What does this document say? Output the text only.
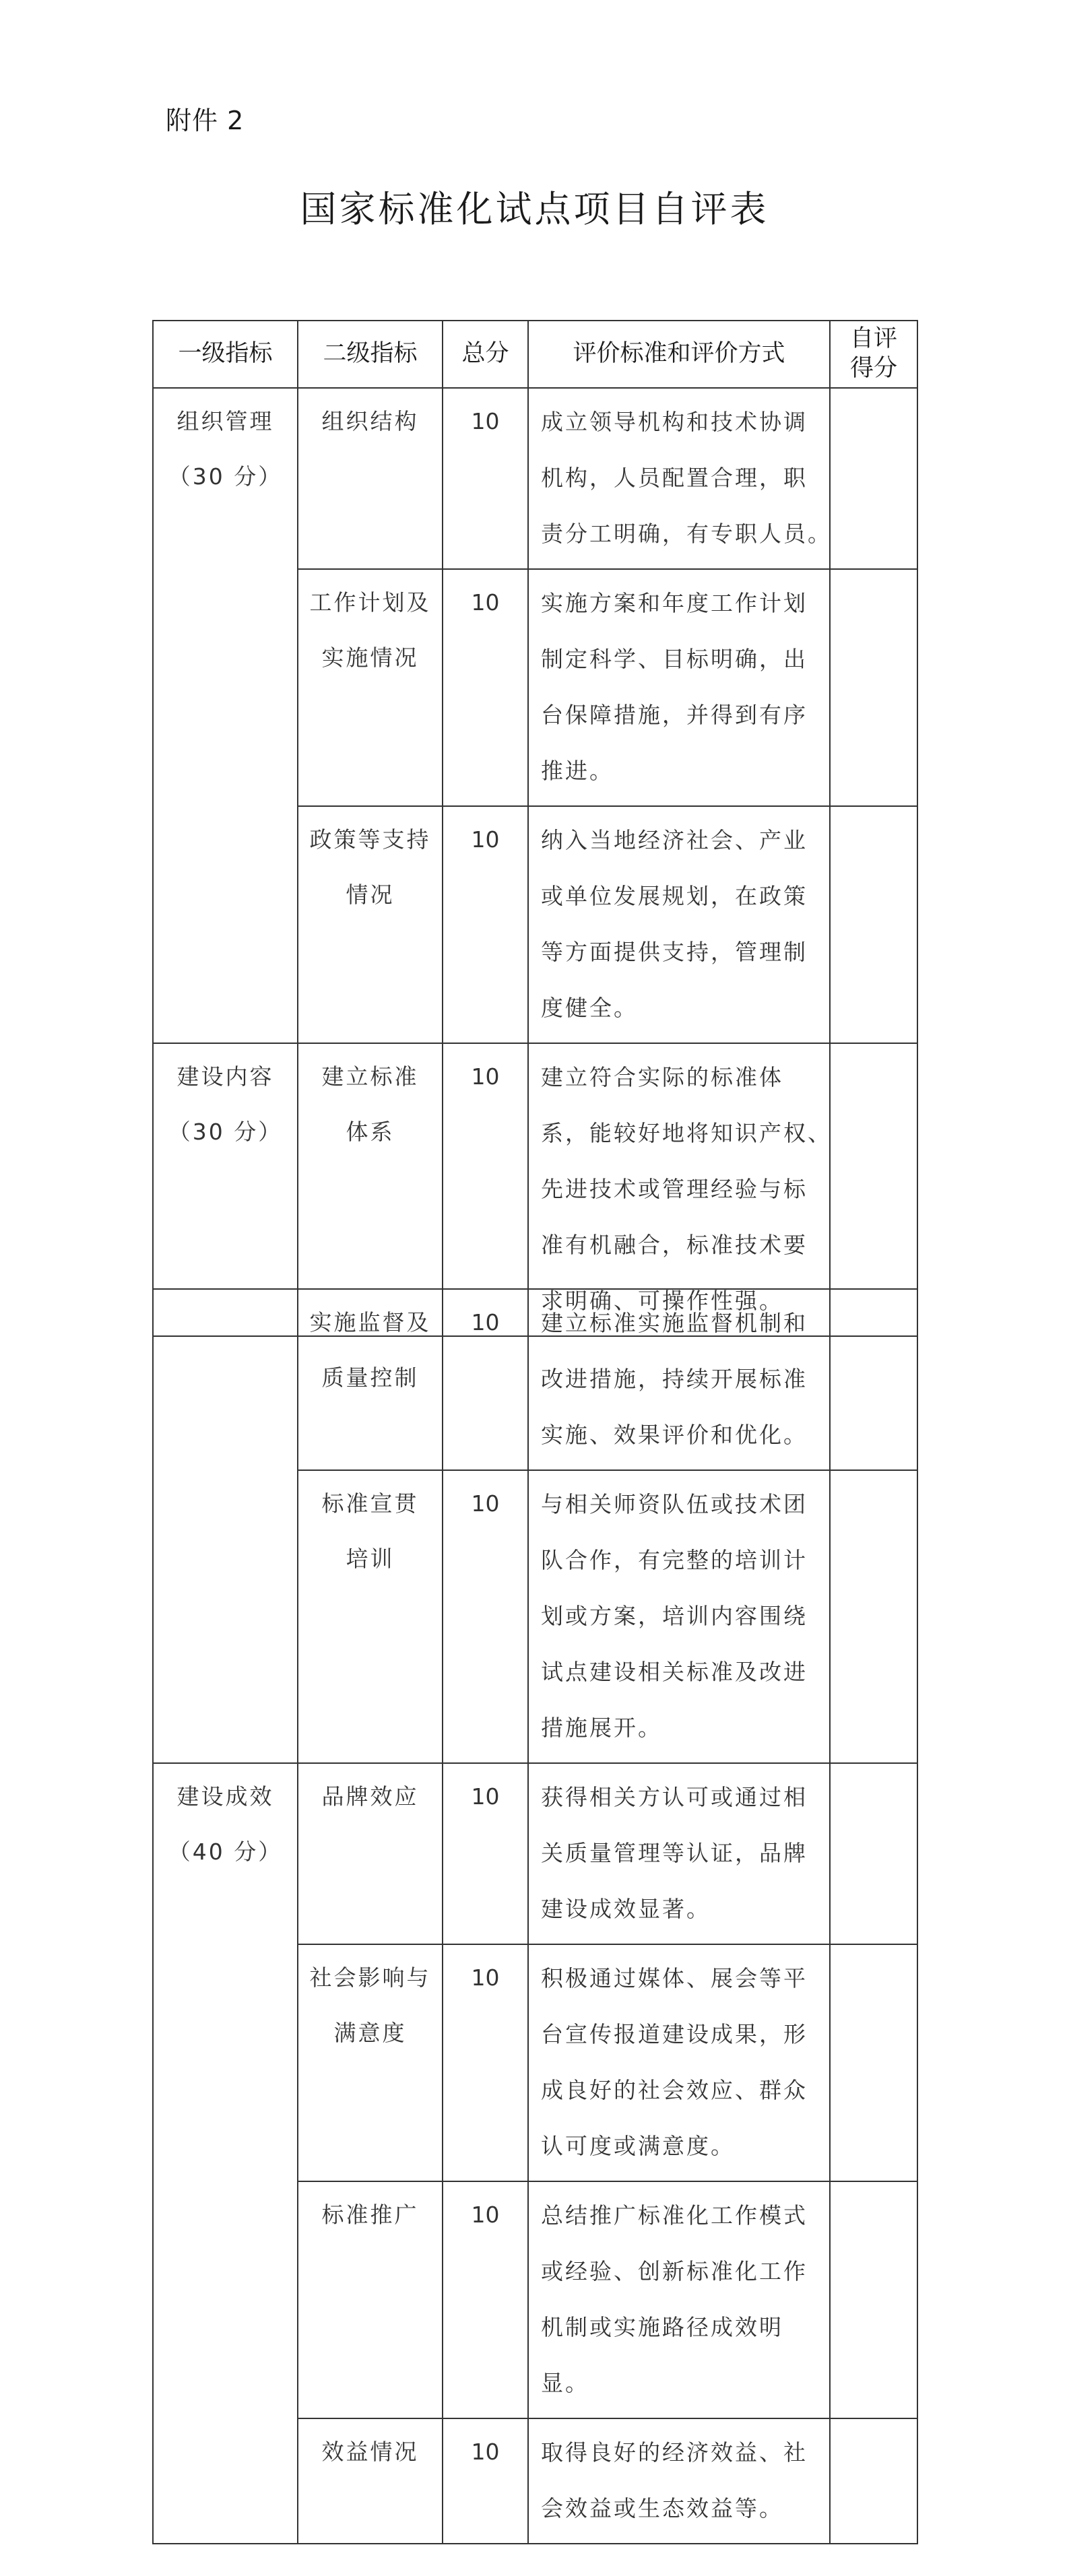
附件 2
国家标准化试点项目自评表
一级指标	二级指标	总分	评价标准和评价方式	自评
得分

组织管理
（30 分）	组织结构	10	成立领导机构和技术协调
机构，人员配置合理，职
责分工明确，有专职人员。	

	工作计划及
实施情况	10	实施方案和年度工作计划
制定科学、目标明确，出
台保障措施，并得到有序
推进。	

	政策等支持
情况	10	纳入当地经济社会、产业
或单位发展规划，在政策
等方面提供支持，管理制
度健全。	

建设内容
（30 分）	建立标准
体系	10	建立符合实际的标准体
系，能较好地将知识产权、
先进技术或管理经验与标
准有机融合，标准技术要
求明确、可操作性强。	

	实施监督及
质量控制	10	建立标准实施监督机制和
改进措施，持续开展标准
实施、效果评价和优化。	

	标准宣贯
培训	10	与相关师资队伍或技术团
队合作，有完整的培训计
划或方案，培训内容围绕
试点建设相关标准及改进
措施展开。	

建设成效
（40 分）	品牌效应	10	获得相关方认可或通过相
关质量管理等认证，品牌
建设成效显著。	

	社会影响与
满意度	10	积极通过媒体、展会等平
台宣传报道建设成果，形
成良好的社会效应、群众
认可度或满意度。	

	标准推广	10	总结推广标准化工作模式
或经验、创新标准化工作
机制或实施路径成效明
显。	

	效益情况	10	取得良好的经济效益、社
会效益或生态效益等。	
